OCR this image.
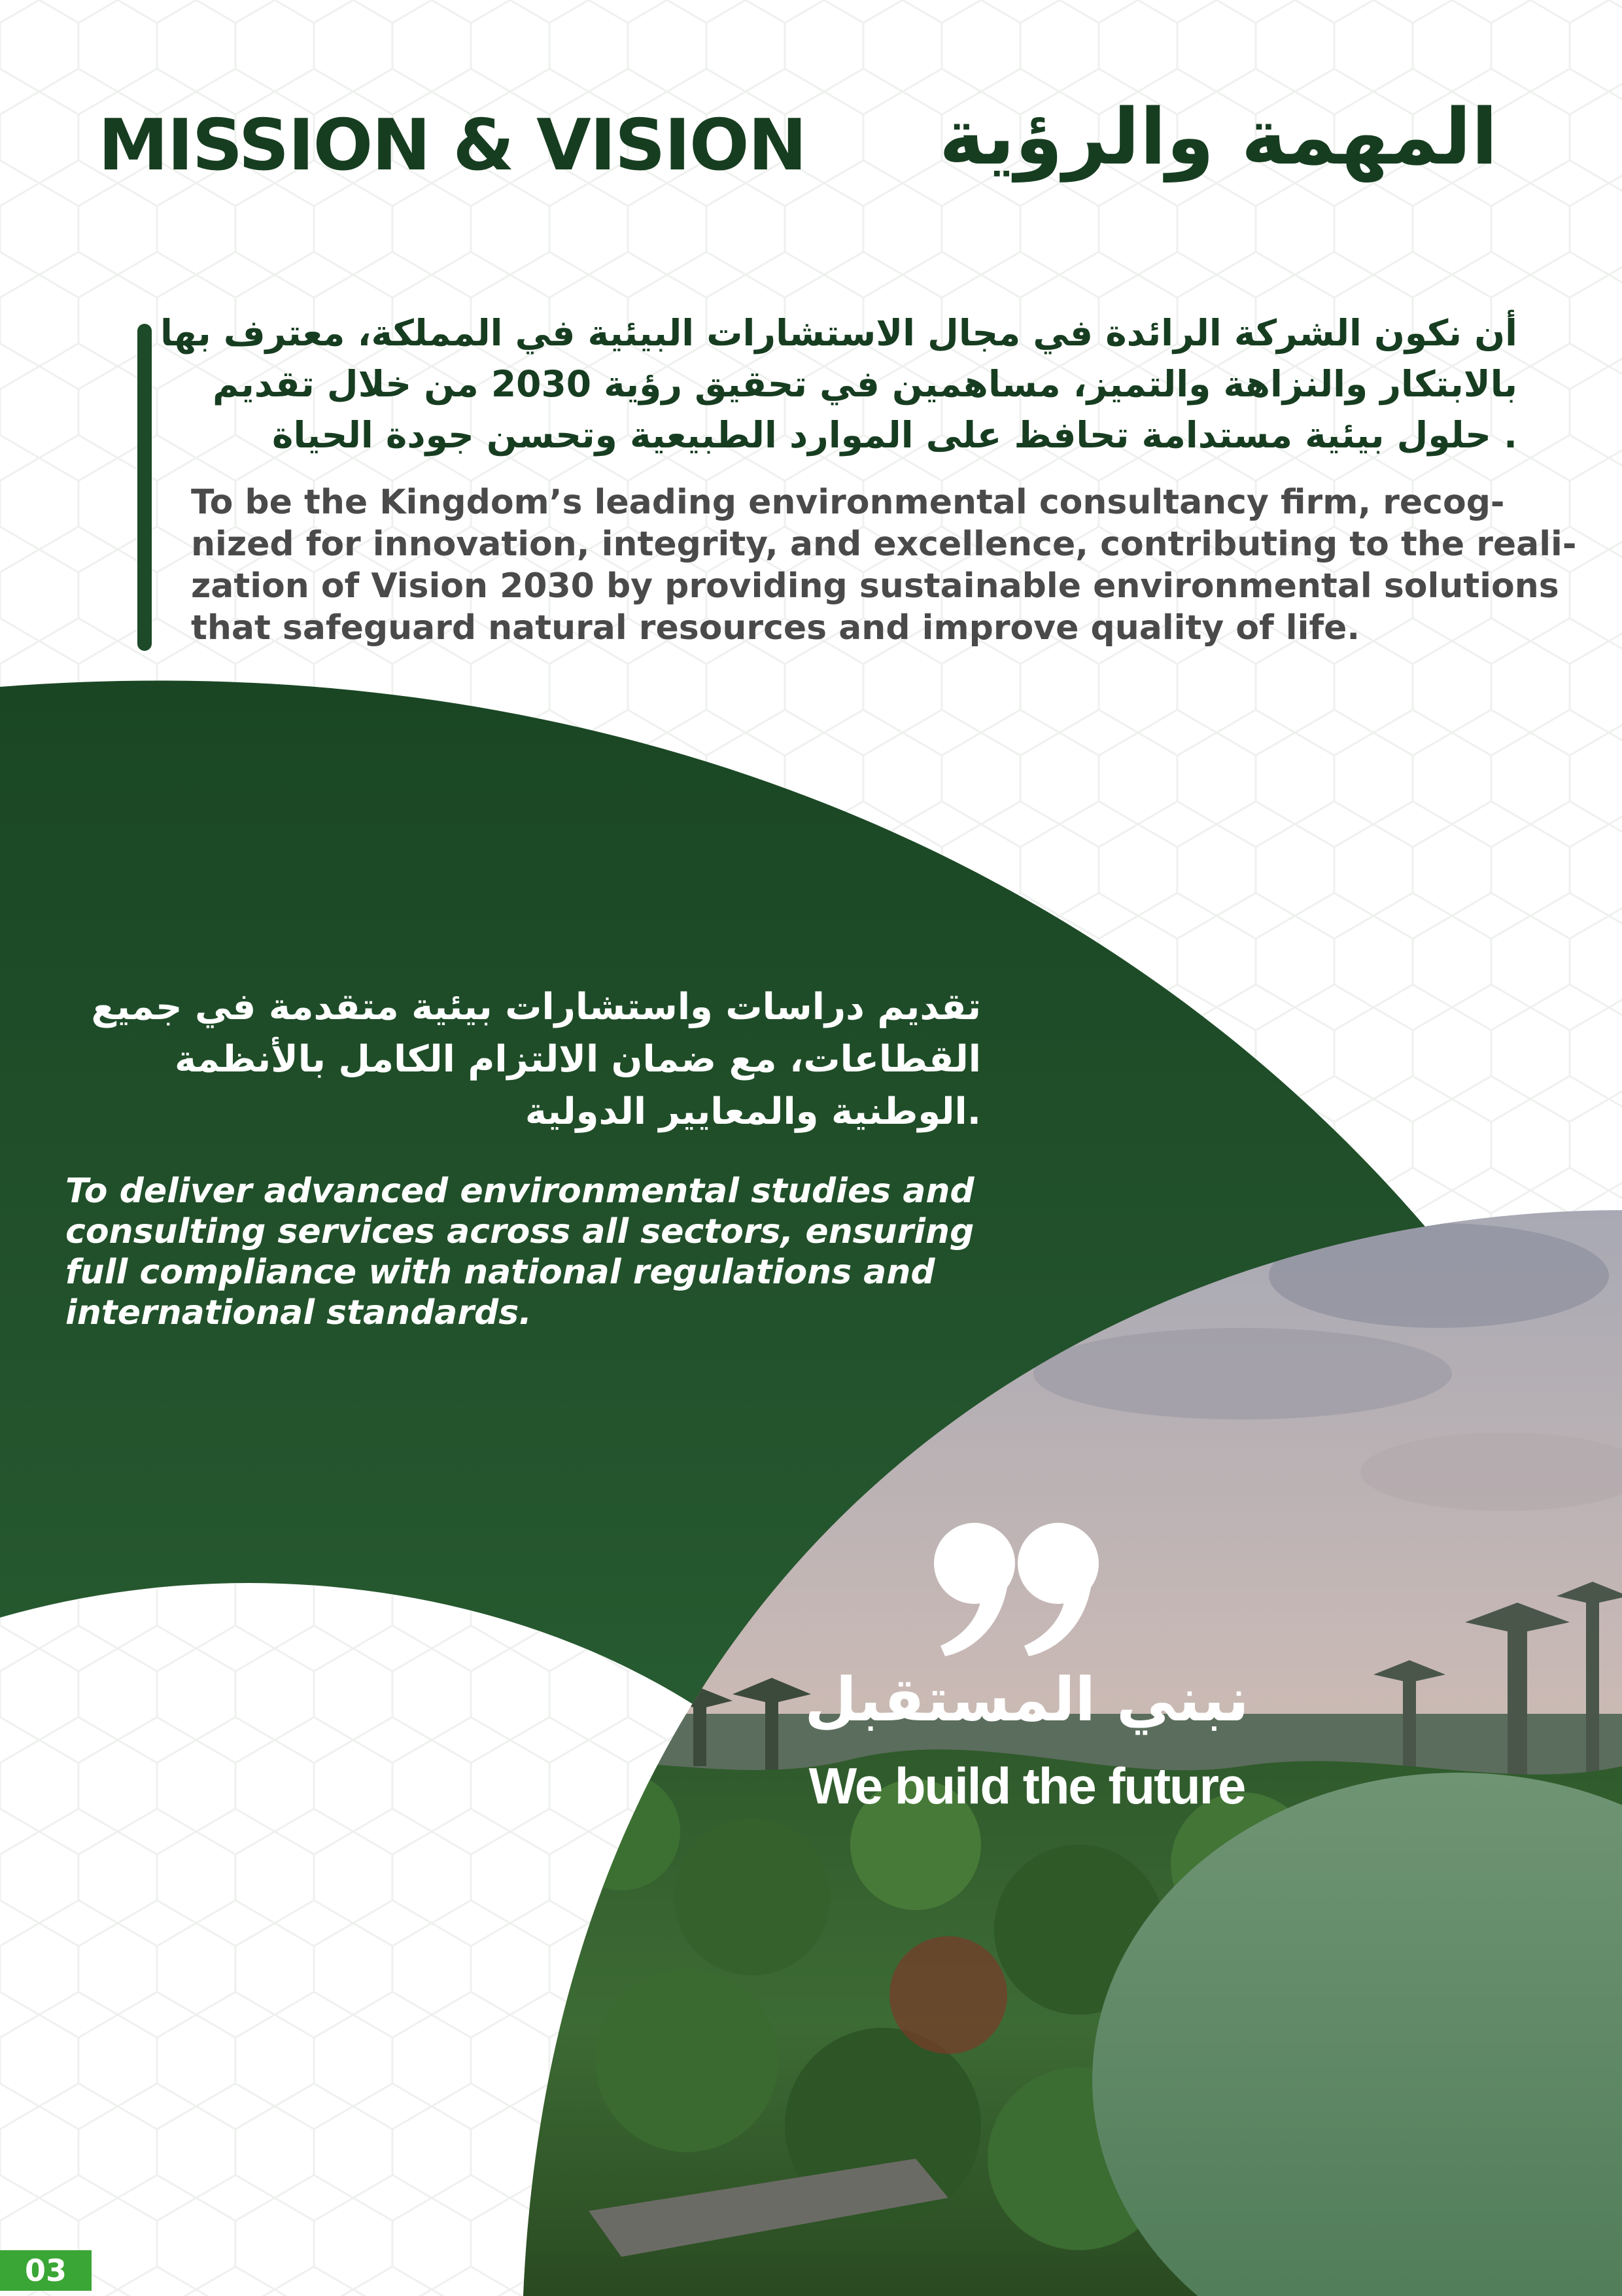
MISSION & VISION المهمة والرؤية
أن نكون الشركة الرائدة في مجال الاستشارات البيئية في المملكة، معترف بها
بالابتكار والنزاهة والتميز، مساهمين في تحقيق رؤية 2030 من خلال تقديم
. حلول بيئية مستدامة تحافظ على الموارد الطبيعية وتحسن جودة الحياة
To be the Kingdom’s leading environmental consultancy firm, recog-
nized for innovation, integrity, and excellence, contributing to the reali-
zation of Vision 2030 by providing sustainable environmental solutions
that safeguard natural resources and improve quality of life.
تقديم دراسات واستشارات بيئية متقدمة في جميع
القطاعات، مع ضمان الالتزام الكامل بالأنظمة
.الوطنية والمعايير الدولية
To deliver advanced environmental studies and
consulting services across all sectors, ensuring
full compliance with national regulations and
international standards.
نبني المستقبل
We build the future
03
